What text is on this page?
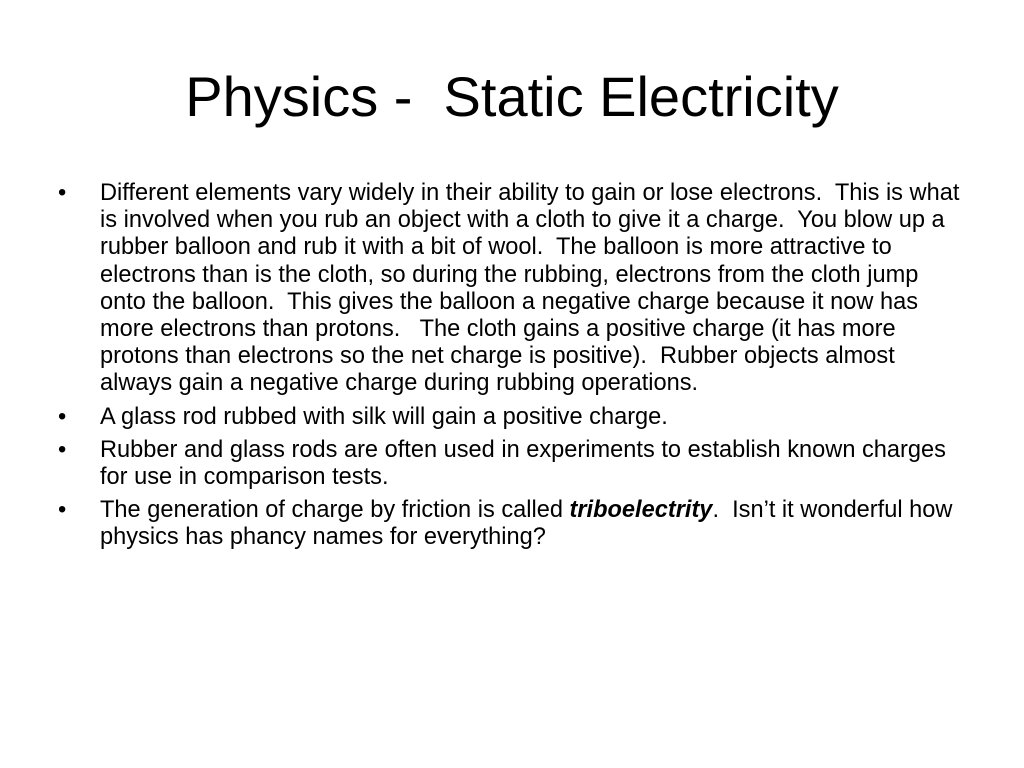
Physics -  Static Electricity
•	Different elements vary widely in their ability to gain or lose electrons.  This is what is involved when you rub an object with a cloth to give it a charge.  You blow up a rubber balloon and rub it with a bit of wool.  The balloon is more attractive to electrons than is the cloth, so during the rubbing, electrons from the cloth jump onto the balloon.  This gives the balloon a negative charge because it now has more electrons than protons.   The cloth gains a positive charge (it has more protons than electrons so the net charge is positive).  Rubber objects almost always gain a negative charge during rubbing operations.
•	A glass rod rubbed with silk will gain a positive charge.
•	Rubber and glass rods are often used in experiments to establish known charges for use in comparison tests.
•	The generation of charge by friction is called triboelectrity.  Isn’t it wonderful how physics has phancy names for everything?
